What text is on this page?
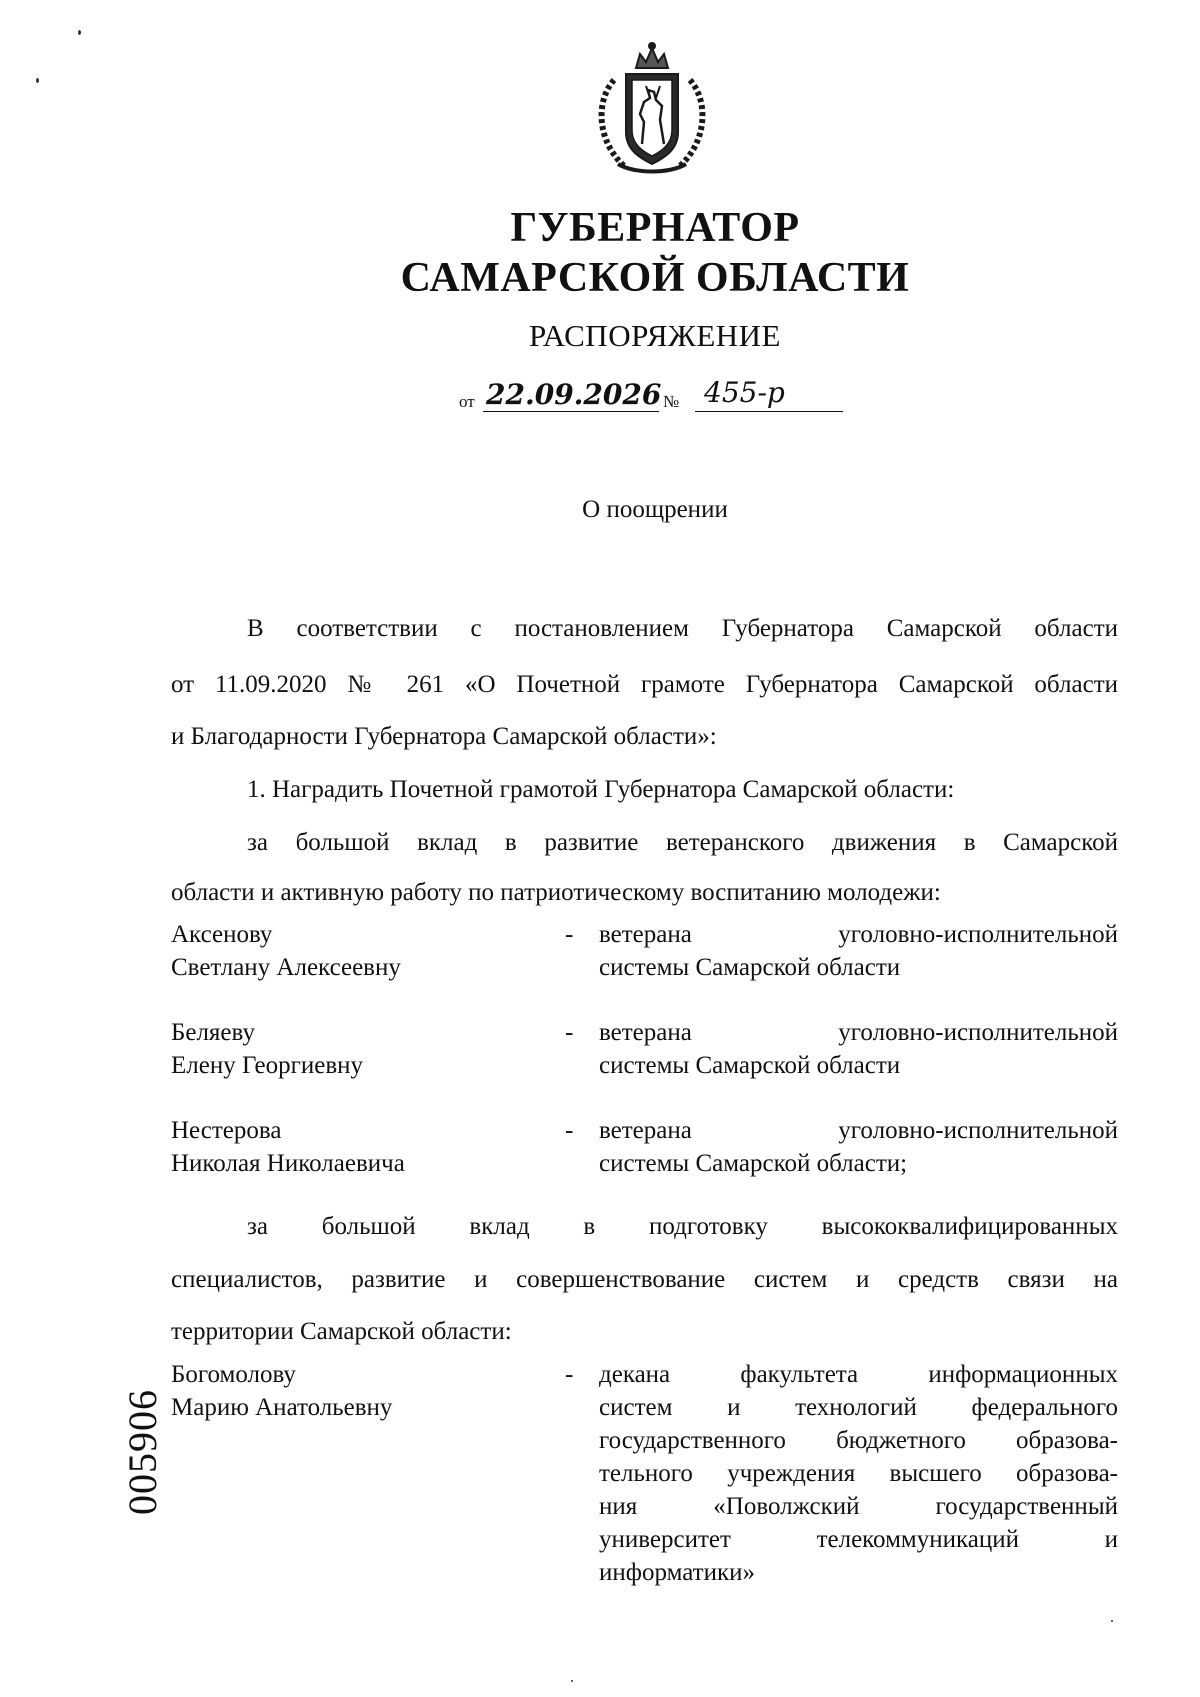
ГУБЕРНАТОР
САМАРСКОЙ ОБЛАСТИ
РАСПОРЯЖЕНИЕ
от 22.09.2026 № 455-р
О поощрении
В соответствии с постановлением Губернатора Самарской области
от 11.09.2020 № 261 «О Почетной грамоте Губернатора Самарской области
и Благодарности Губернатора Самарской области»:
1. Наградить Почетной грамотой Губернатора Самарской области:
за большой вклад в развитие ветеранского движения в Самарской
области и активную работу по патриотическому воспитанию молодежи:
Аксенову
Светлану Алексеевну
- ветерана уголовно-исполнительной
системы Самарской области
Беляеву
Елену Георгиевну
- ветерана уголовно-исполнительной
системы Самарской области
Нестерова
Николая Николаевича
- ветерана уголовно-исполнительной
системы Самарской области;
за большой вклад в подготовку высококвалифицированных
специалистов, развитие и совершенствование систем и средств связи на
территории Самарской области:
Богомолову
Марию Анатольевну
- декана факультета информационных
систем и технологий федерального
государственного бюджетного образова-
тельного учреждения высшего образова-
ния «Поволжский государственный
университет телекоммуникаций и
информатики»
005906
